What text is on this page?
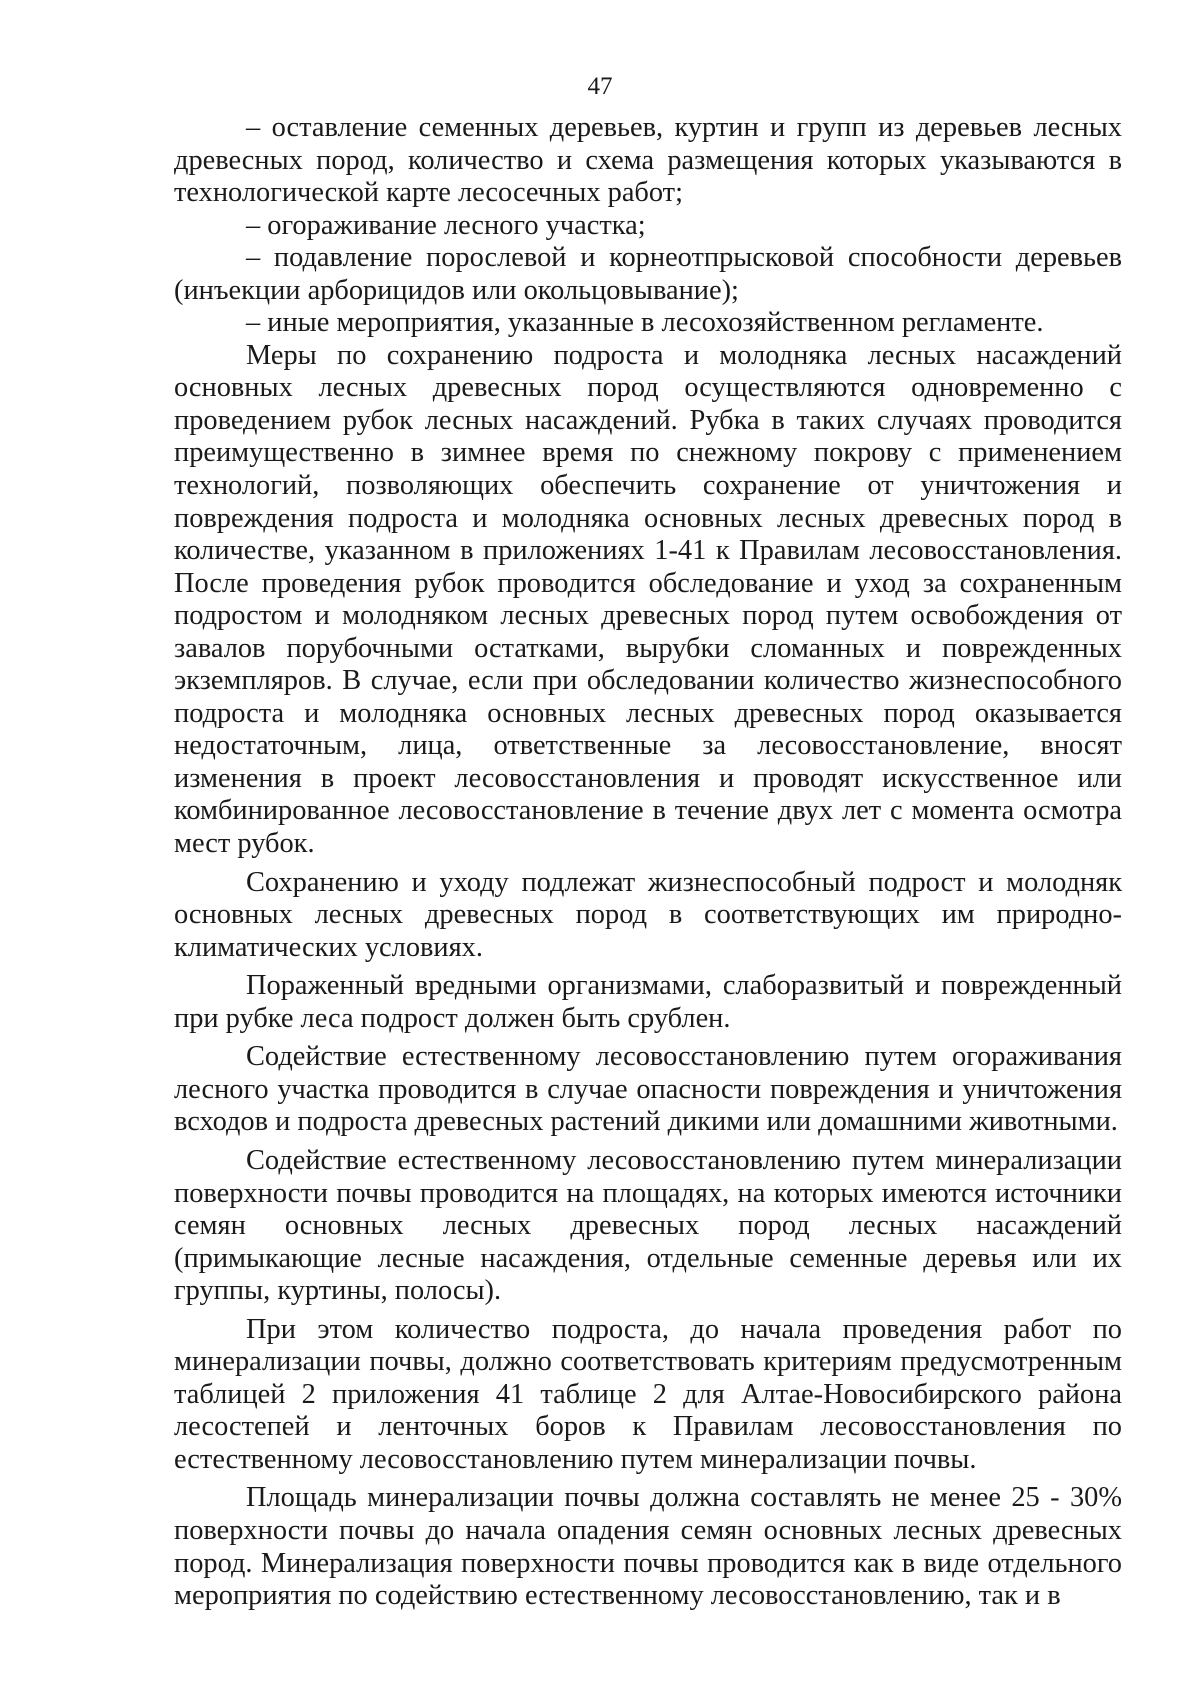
47

– оставление семенных деревьев, куртин и групп из деревьев лесных древесных пород, количество и схема размещения которых указываются в технологической карте лесосечных работ;

– огораживание лесного участка;

– подавление порослевой и корнеотпрысковой способности деревьев (инъекции арборицидов или окольцовывание);

– иные мероприятия, указанные в лесохозяйственном регламенте.

Меры по сохранению подроста и молодняка лесных насаждений основных лесных древесных пород осуществляются одновременно с проведением рубок лесных насаждений. Рубка в таких случаях проводится преимущественно в зимнее время по снежному покрову с применением технологий, позволяющих обеспечить сохранение от уничтожения и повреждения подроста и молодняка основных лесных древесных пород в количестве, указанном в приложениях 1-41 к Правилам лесовосстановления. После проведения рубок проводится обследование и уход за сохраненным подростом и молодняком лесных древесных пород путем освобождения от завалов порубочными остатками, вырубки сломанных и поврежденных экземпляров. В случае, если при обследовании количество жизнеспособного подроста и молодняка основных лесных древесных пород оказывается недостаточным, лица, ответственные за лесовосстановление, вносят изменения в проект лесовосстановления и проводят искусственное или комбинированное лесовосстановление в течение двух лет с момента осмотра мест рубок.

Сохранению и уходу подлежат жизнеспособный подрост и молодняк основных лесных древесных пород в соответствующих им природно-климатических условиях.

Пораженный вредными организмами, слаборазвитый и поврежденный при рубке леса подрост должен быть срублен.

Содействие естественному лесовосстановлению путем огораживания лесного участка проводится в случае опасности повреждения и уничтожения всходов и подроста древесных растений дикими или домашними животными.

Содействие естественному лесовосстановлению путем минерализации поверхности почвы проводится на площадях, на которых имеются источники семян основных лесных древесных пород лесных насаждений (примыкающие лесные насаждения, отдельные семенные деревья или их группы, куртины, полосы).

При этом количество подроста, до начала проведения работ по минерализации почвы, должно соответствовать критериям предусмотренным таблицей 2 приложения 41 таблице 2 для Алтае-Новосибирского района лесостепей и ленточных боров к Правилам лесовосстановления по естественному лесовосстановлению путем минерализации почвы.

Площадь минерализации почвы должна составлять не менее 25 - 30% поверхности почвы до начала опадения семян основных лесных древесных пород. Минерализация поверхности почвы проводится как в виде отдельного мероприятия по содействию естественному лесовосстановлению, так и в
